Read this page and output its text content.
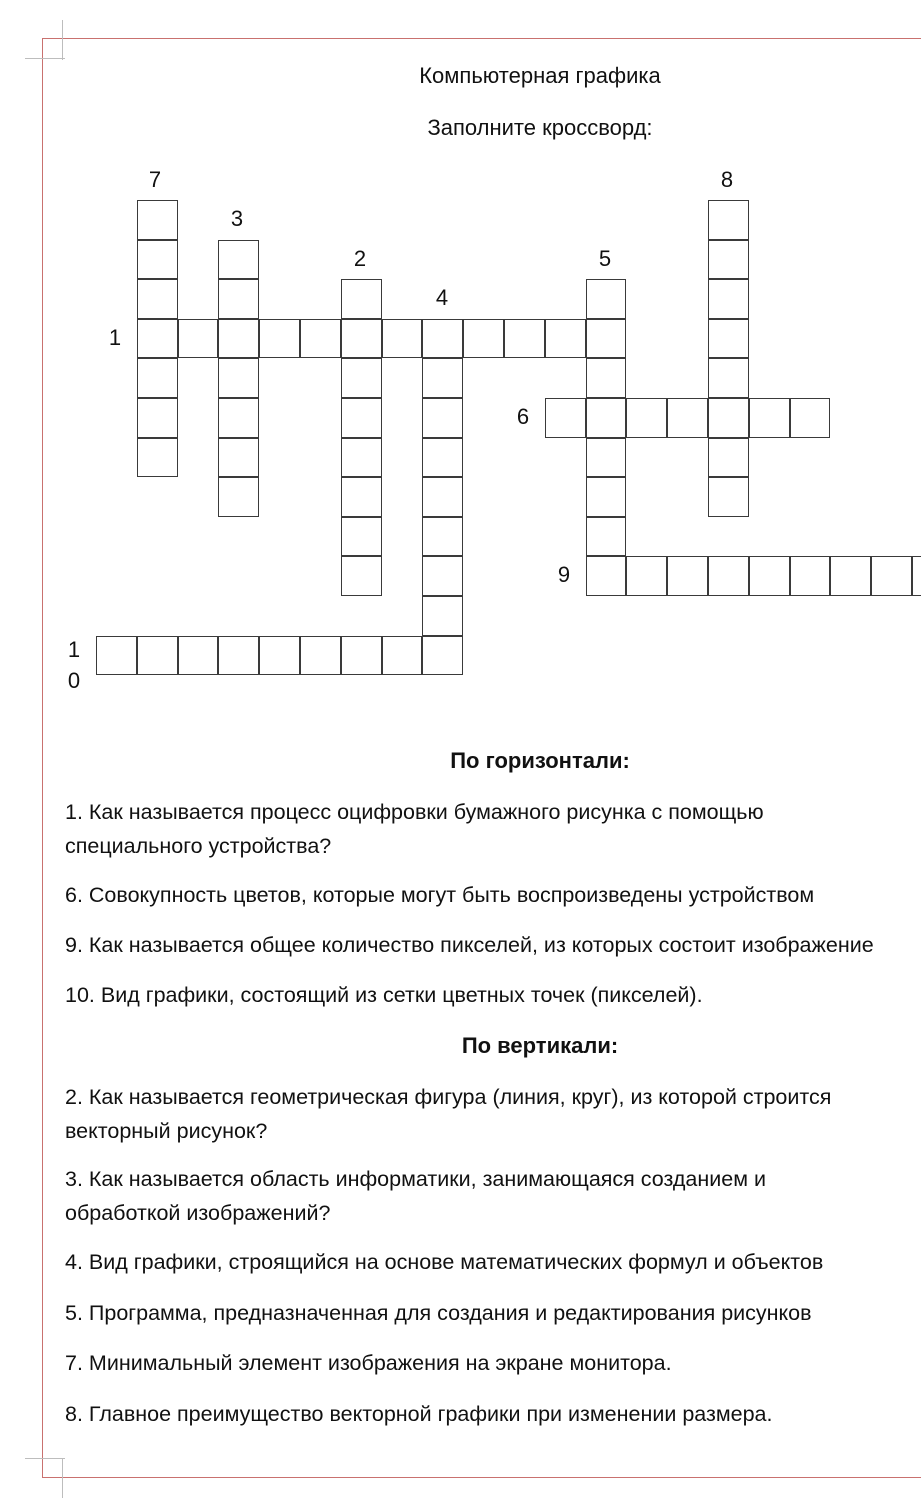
Компьютерная графика
Заполните кроссворд:
1
2
3
4
5
6
7	8
9
1
0
По горизонтали:
1. Как называется процесс оцифровки бумажного рисунка с помощью
специального устройства?
6. Совокупность цветов, которые могут быть воспроизведены устройством
9. Как называется общее количество пикселей, из которых состоит изображение
10. Вид графики, состоящий из сетки цветных точек (пикселей).
По вертикали:
2. Как называется геометрическая фигура (линия, круг), из которой строится
векторный рисунок?
3. Как называется область информатики, занимающаяся созданием и
обработкой изображений?
4. Вид графики, строящийся на основе математических формул и объектов
5. Программа, предназначенная для создания и редактирования рисунков
7. Минимальный элемент изображения на экране монитора.
8. Главное преимущество векторной графики при изменении размера.
